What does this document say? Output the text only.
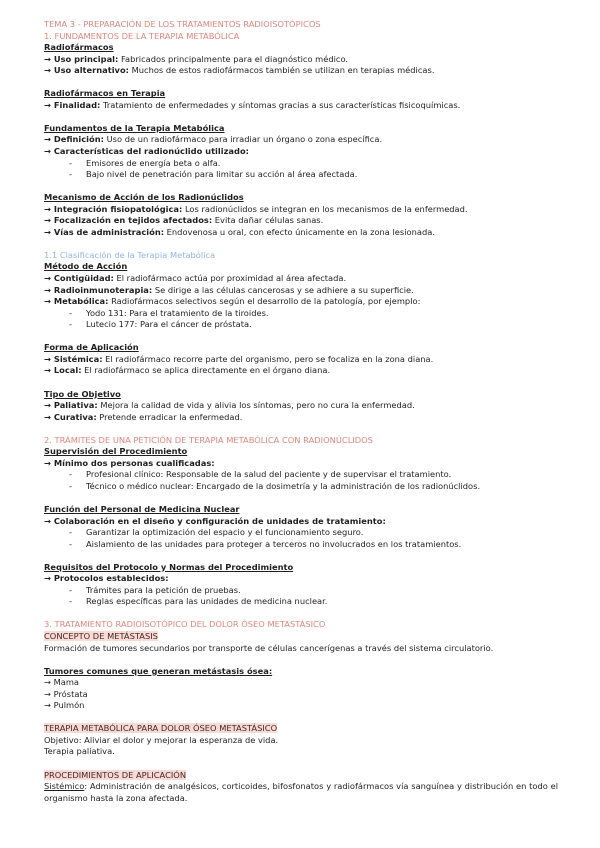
TEMA 3 - PREPARACIÓN DE LOS TRATAMIENTOS RADIOISOTÓPICOS
1. FUNDAMENTOS DE LA TERAPIA METABÓLICA
Radiofármacos
→ Uso principal: Fabricados principalmente para el diagnóstico médico.
→ Uso alternativo: Muchos de estos radiofármacos también se utilizan en terapias médicas.
Radiofármacos en Terapia
→ Finalidad: Tratamiento de enfermedades y síntomas gracias a sus características fisicoquímicas.
Fundamentos de la Terapia Metabólica
→ Definición: Uso de un radiofármaco para irradiar un órgano o zona específica.
→ Características del radionúclido utilizado:
- Emisores de energía beta o alfa.
- Bajo nivel de penetración para limitar su acción al área afectada.
Mecanismo de Acción de los Radionúclidos
→ Integración fisiopatológica: Los radionúclidos se integran en los mecanismos de la enfermedad.
→ Focalización en tejidos afectados: Evita dañar células sanas.
→ Vías de administración: Endovenosa u oral, con efecto únicamente en la zona lesionada.
1.1 Clasificación de la Terapia Metabólica
Método de Acción
→ Contigüidad: El radiofármaco actúa por proximidad al área afectada.
→ Radioinmunoterapia: Se dirige a las células cancerosas y se adhiere a su superficie.
→ Metabólica: Radiofármacos selectivos según el desarrollo de la patología, por ejemplo:
- Yodo 131: Para el tratamiento de la tiroides.
- Lutecio 177: Para el cáncer de próstata.
Forma de Aplicación
→ Sistémica: El radiofármaco recorre parte del organismo, pero se focaliza en la zona diana.
→ Local: El radiofármaco se aplica directamente en el órgano diana.
Tipo de Objetivo
→ Paliativa: Mejora la calidad de vida y alivia los síntomas, pero no cura la enfermedad.
→ Curativa: Pretende erradicar la enfermedad.
2. TRÁMITES DE UNA PETICIÓN DE TERAPIA METABÓLICA CON RADIONÚCLIDOS
Supervisión del Procedimiento
→ Mínimo dos personas cualificadas:
- Profesional clínico: Responsable de la salud del paciente y de supervisar el tratamiento.
- Técnico o médico nuclear: Encargado de la dosimetría y la administración de los radionúclidos.
Función del Personal de Medicina Nuclear
→ Colaboración en el diseño y configuración de unidades de tratamiento:
- Garantizar la optimización del espacio y el funcionamiento seguro.
- Aislamiento de las unidades para proteger a terceros no involucrados en los tratamientos.
Requisitos del Protocolo y Normas del Procedimiento
→ Protocolos establecidos:
- Trámites para la petición de pruebas.
- Reglas específicas para las unidades de medicina nuclear.
3. TRATAMIENTO RADIOISOTÓPICO DEL DOLOR ÓSEO METASTÁSICO
CONCEPTO DE METÁSTASIS
Formación de tumores secundarios por transporte de células cancerígenas a través del sistema circulatorio.
Tumores comunes que generan metástasis ósea:
→ Mama
→ Próstata
→ Pulmón
TERAPIA METABÓLICA PARA DOLOR ÓSEO METASTÁSICO
Objetivo: Aliviar el dolor y mejorar la esperanza de vida.
Terapia paliativa.
PROCEDIMIENTOS DE APLICACIÓN
Sistémico: Administración de analgésicos, corticoides, bifosfonatos y radiofármacos vía sanguínea y distribución en todo el organismo hasta la zona afectada.
